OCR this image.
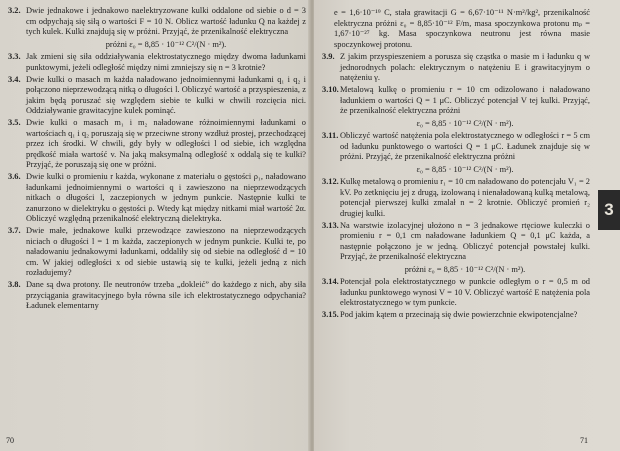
3.2. Dwie jednakowe i jednakowo naelektryzowane kulki oddalone od siebie o d = 3 cm odpychają się siłą o wartości F = 10 N. Oblicz wartość ładunku Q na każdej z tych kulek. Kulki znajdują się w próżni. Przyjąć, że przenikalność elektryczna
próżni ε₀ = 8,85 · 10⁻¹² C²/(N · m²).
3.3. Jak zmieni się siła oddziaływania elektrostatycznego między dwoma ładunkami punktowymi, jeżeli odległość między nimi zmniejszy się n = 3 krotnie?
3.4. Dwie kulki o masach m każda naładowano jednoimiennymi ładunkami q₁ i q₂ i połączono nieprzewodzącą nitką o długości l. Obliczyć wartość a przyspieszenia, z jakim będą poruszać się względem siebie te kulki w chwili rozcięcia nici. Oddziaływanie grawitacyjne kulek pominąć.
3.5. Dwie kulki o masach m₁ i m₂ naładowane różnoimiennymi ładunkami o wartościach q₁ i q₂ poruszają się w przeciwne strony wzdłuż prostej, przechodzącej przez ich środki. W chwili, gdy były w odległości l od siebie, ich względna prędkość miała wartość v. Na jaką maksymalną odległość x oddalą się te kulki? Przyjąć, że poruszają się one w próżni.
3.6. Dwie kulki o promieniu r każda, wykonane z materiału o gęstości ρ₁, naładowano ładunkami jednoimiennymi o wartości q i zawieszono na nieprzewodzących nitkach o długości l, zaczepionych w jednym punkcie. Następnie kulki te zanurzono w dielektryku o gęstości ρ. Wtedy kąt między nitkami miał wartość 2α. Obliczyć względną przenikalność elektryczną dielektryka.
3.7. Dwie małe, jednakowe kulki przewodzące zawieszono na nieprzewodzących niciach o długości l = 1 m każda, zaczepionych w jednym punkcie. Kulki te, po naładowaniu jednakowymi ładunkami, oddaliły się od siebie na odległość d = 10 cm. W jakiej odległości x od siebie ustawią się te kulki, jeżeli jedną z nich rozładujemy?
3.8. Dane są dwa protony. Ile neutronów trzeba „dokleić” do każdego z nich, aby siła przyciągania grawitacyjnego była równa sile ich elektrostatycznego odpychania? Ładunek elementarny
70
e = 1,6·10⁻¹⁹ C, stała grawitacji G = 6,67·10⁻¹¹ N·m²/kg², przenikalność elektryczna próżni ε₀ = 8,85·10⁻¹² F/m, masa spoczynkowa protonu mₚ = 1,67·10⁻²⁷ kg. Masa spoczynkowa neutronu jest równa masie spoczynkowej protonu.
3.9. Z jakim przyspieszeniem a porusza się cząstka o masie m i ładunku q w jednorodnych polach: elektrycznym o natężeniu E i grawitacyjnym o natężeniu γ.
3.10. Metalową kulkę o promieniu r = 10 cm odizolowano i naładowano ładunkiem o wartości Q = 1 μC. Obliczyć potencjał V tej kulki. Przyjąć, że przenikalność elektryczna próżni
ε₀ = 8,85 · 10⁻¹² C²/(N · m²).
3.11. Obliczyć wartość natężenia pola elektrostatycznego w odległości r = 5 cm od ładunku punktowego o wartości Q = 1 μC. Ładunek znajduje się w próżni. Przyjąć, że przenikalność elektryczna próżni
ε₀ = 8,85 · 10⁻¹² C²/(N · m²).
3.12. Kulkę metalową o promieniu r₁ = 10 cm naładowano do potencjału V₁ = 2 kV. Po zetknięciu jej z drugą, izolowaną i nienaładowaną kulką metalową, potencjał pierwszej kulki zmalał n = 2 krotnie. Obliczyć promień r₂ drugiej kulki.
3.13. Na warstwie izolacyjnej ułożono n = 3 jednakowe rtęciowe kuleczki o promieniu r = 0,1 cm naładowane ładunkiem Q = 0,1 μC każda, a następnie połączono je w jedną. Obliczyć potencjał powstałej kulki. Przyjąć, że przenikalność elektryczna
próżni ε₀ = 8,85 · 10⁻¹² C²/(N · m²).
3.14. Potencjał pola elektrostatycznego w punkcie odległym o r = 0,5 m od ładunku punktowego wynosi V = 10 V. Obliczyć wartość E natężenia pola elektrostatycznego w tym punkcie.
3.15. Pod jakim kątem α przecinają się dwie powierzchnie ekwipotencjalne?
71
3
